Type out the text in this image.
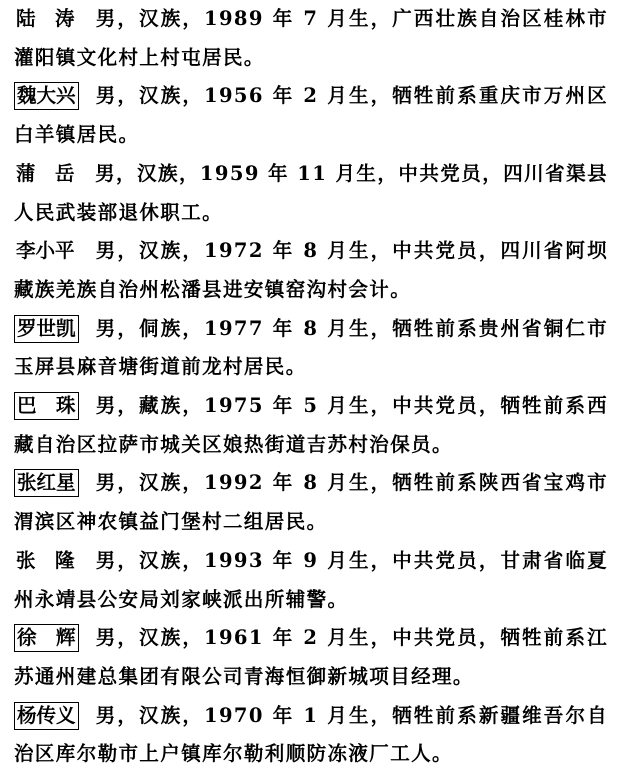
陆　涛 男，汉族，1989 年 7 月生，广西壮族自治区桂林市灌阳镇文化村上村屯居民。

魏大兴 男，汉族，1956 年 2 月生，牺牲前系重庆市万州区白羊镇居民。

蒲　岳 男，汉族，1959 年 11 月生，中共党员，四川省渠县人民武装部退休职工。

李小平 男，汉族，1972 年 8 月生，中共党员，四川省阿坝藏族羌族自治州松潘县进安镇窑沟村会计。

罗世凯 男，侗族，1977 年 8 月生，牺牲前系贵州省铜仁市玉屏县麻音塘街道前龙村居民。

巴　珠 男，藏族，1975 年 5 月生，中共党员，牺牲前系西藏自治区拉萨市城关区娘热街道吉苏村治保员。

张红星 男，汉族，1992 年 8 月生，牺牲前系陕西省宝鸡市渭滨区神农镇益门堡村二组居民。

张　隆 男，汉族，1993 年 9 月生，中共党员，甘肃省临夏州永靖县公安局刘家峡派出所辅警。

徐　辉 男，汉族，1961 年 2 月生，中共党员，牺牲前系江苏通州建总集团有限公司青海恒御新城项目经理。

杨传义 男，汉族，1970 年 1 月生，牺牲前系新疆维吾尔自治区库尔勒市上户镇库尔勒利顺防冻液厂工人。
